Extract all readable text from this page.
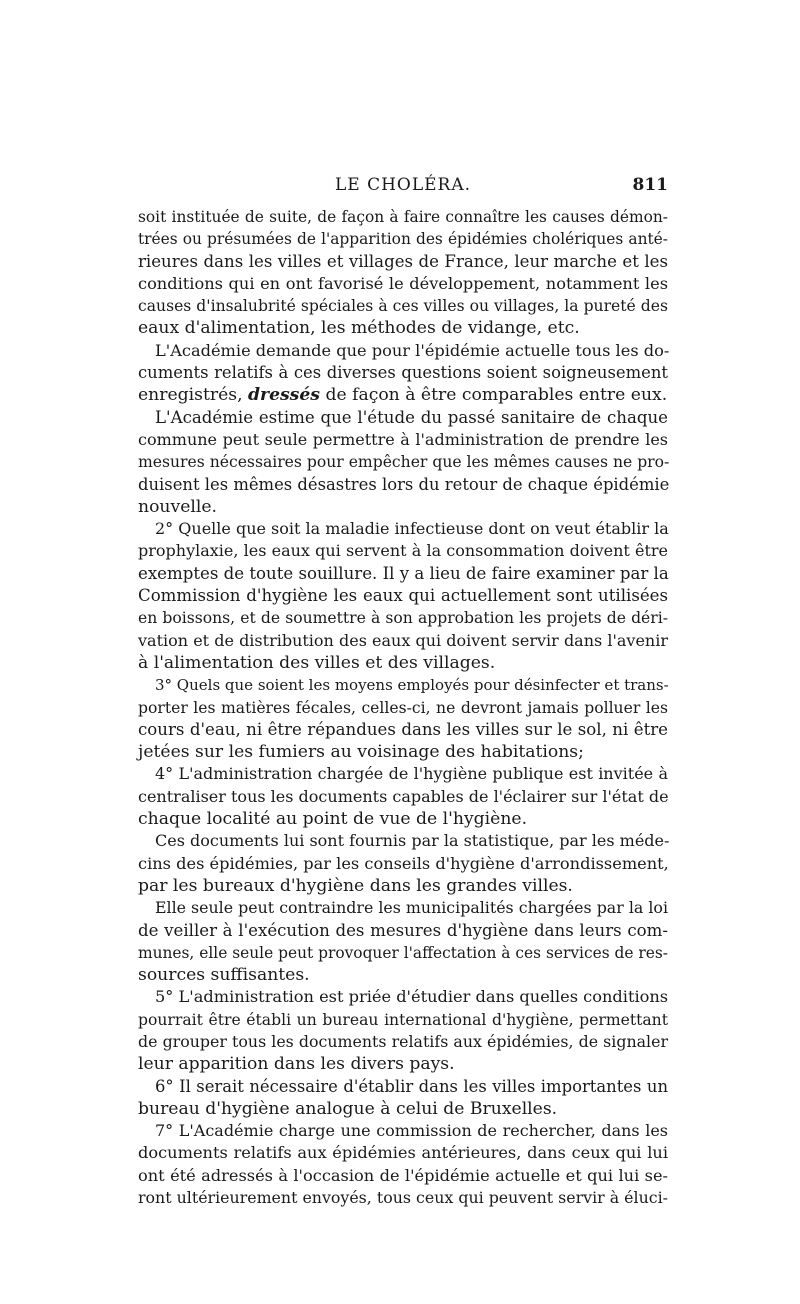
LE CHOLÉRA.	811
soit instituée de suite, de façon à faire connaître les causes démon-
trées ou présumées de l'apparition des épidémies cholériques anté-
rieures dans les villes et villages de France, leur marche et les
conditions qui en ont favorisé le développement, notamment les
causes d'insalubrité spéciales à ces villes ou villages, la pureté des
eaux d'alimentation, les méthodes de vidange, etc.
L'Académie demande que pour l'épidémie actuelle tous les do-
cuments relatifs à ces diverses questions soient soigneusement
enregistrés, dressés de façon à être comparables entre eux.
L'Académie estime que l'étude du passé sanitaire de chaque
commune peut seule permettre à l'administration de prendre les
mesures nécessaires pour empêcher que les mêmes causes ne pro-
duisent les mêmes désastres lors du retour de chaque épidémie
nouvelle.
2° Quelle que soit la maladie infectieuse dont on veut établir la
prophylaxie, les eaux qui servent à la consommation doivent être
exemptes de toute souillure. Il y a lieu de faire examiner par la
Commission d'hygiène les eaux qui actuellement sont utilisées
en boissons, et de soumettre à son approbation les projets de déri-
vation et de distribution des eaux qui doivent servir dans l'avenir
à l'alimentation des villes et des villages.
3° Quels que soient les moyens employés pour désinfecter et trans-
porter les matières fécales, celles-ci, ne devront jamais polluer les
cours d'eau, ni être répandues dans les villes sur le sol, ni être
jetées sur les fumiers au voisinage des habitations;
4° L'administration chargée de l'hygiène publique est invitée à
centraliser tous les documents capables de l'éclairer sur l'état de
chaque localité au point de vue de l'hygiène.
Ces documents lui sont fournis par la statistique, par les méde-
cins des épidémies, par les conseils d'hygiène d'arrondissement,
par les bureaux d'hygiène dans les grandes villes.
Elle seule peut contraindre les municipalités chargées par la loi
de veiller à l'exécution des mesures d'hygiène dans leurs com-
munes, elle seule peut provoquer l'affectation à ces services de res-
sources suffisantes.
5° L'administration est priée d'étudier dans quelles conditions
pourrait être établi un bureau international d'hygiène, permettant
de grouper tous les documents relatifs aux épidémies, de signaler
leur apparition dans les divers pays.
6° Il serait nécessaire d'établir dans les villes importantes un
bureau d'hygiène analogue à celui de Bruxelles.
7° L'Académie charge une commission de rechercher, dans les
documents relatifs aux épidémies antérieures, dans ceux qui lui
ont été adressés à l'occasion de l'épidémie actuelle et qui lui se-
ront ultérieurement envoyés, tous ceux qui peuvent servir à éluci-
